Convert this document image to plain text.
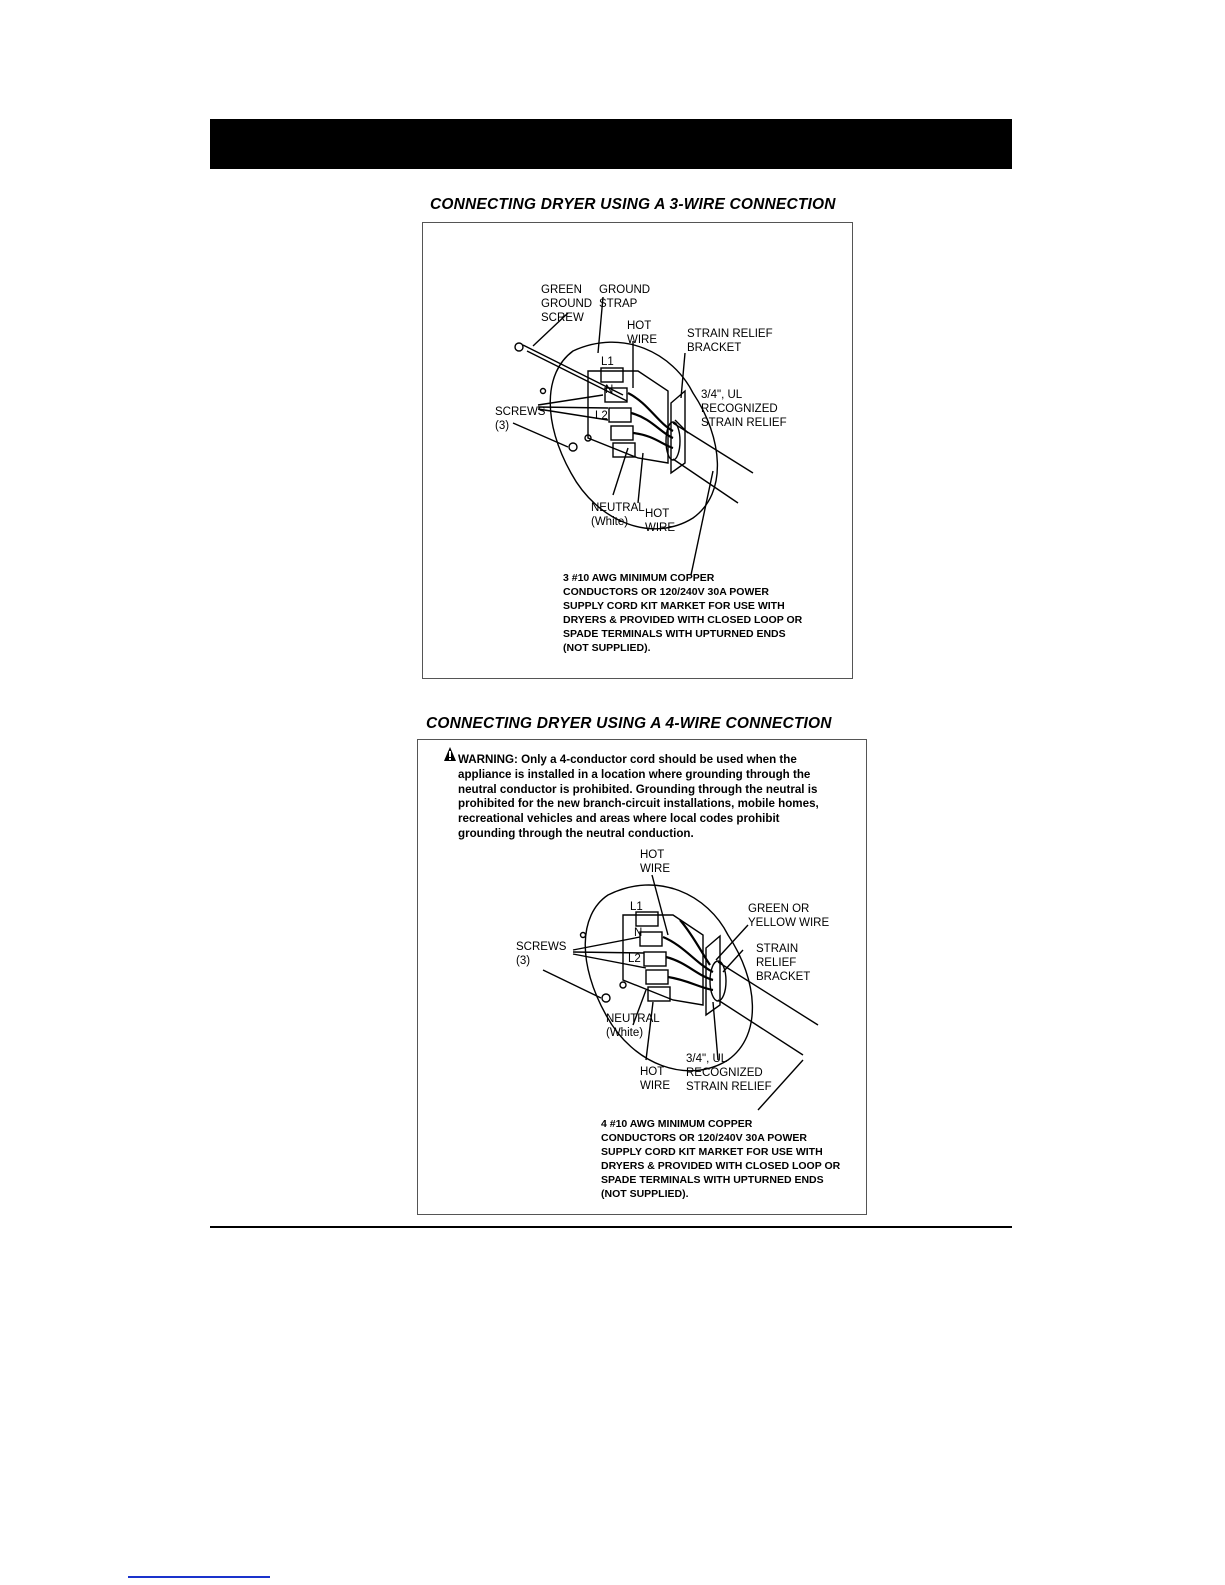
CONNECTING DRYER USING A 3-WIRE CONNECTION
L1
N
L2
GREEN
GROUND
SCREW
GROUND
STRAP
HOT
WIRE	STRAIN RELIEF
BRACKET
3/4", UL
RECOGNIZED
STRAIN RELIEF
SCREWS
(3)
NEUTRAL
(White)
HOT
WIRE
3 #10 AWG MINIMUM COPPER
CONDUCTORS OR 120/240V 30A POWER
SUPPLY CORD KIT MARKET FOR USE WITH
DRYERS & PROVIDED WITH CLOSED LOOP OR
SPADE TERMINALS WITH UPTURNED ENDS
(NOT SUPPLIED).
CONNECTING DRYER USING A 4-WIRE CONNECTION
WARNING: Only a 4-conductor cord should be used when the
appliance is installed in a location where grounding through the
neutral conductor is prohibited. Grounding through the neutral is
prohibited for the new branch-circuit installations, mobile homes,
recreational vehicles and areas where local codes prohibit
grounding through the neutral conduction.
L1
N
L2
HOT
WIRE
GREEN OR
YELLOW WIRE
STRAIN
RELIEF
BRACKET
SCREWS
(3)
NEUTRAL
(White)
HOT
WIRE
3/4", UL
RECOGNIZED
STRAIN RELIEF
4 #10 AWG MINIMUM COPPER
CONDUCTORS OR 120/240V 30A POWER
SUPPLY CORD KIT MARKET FOR USE WITH
DRYERS & PROVIDED WITH CLOSED LOOP OR
SPADE TERMINALS WITH UPTURNED ENDS
(NOT SUPPLIED).
